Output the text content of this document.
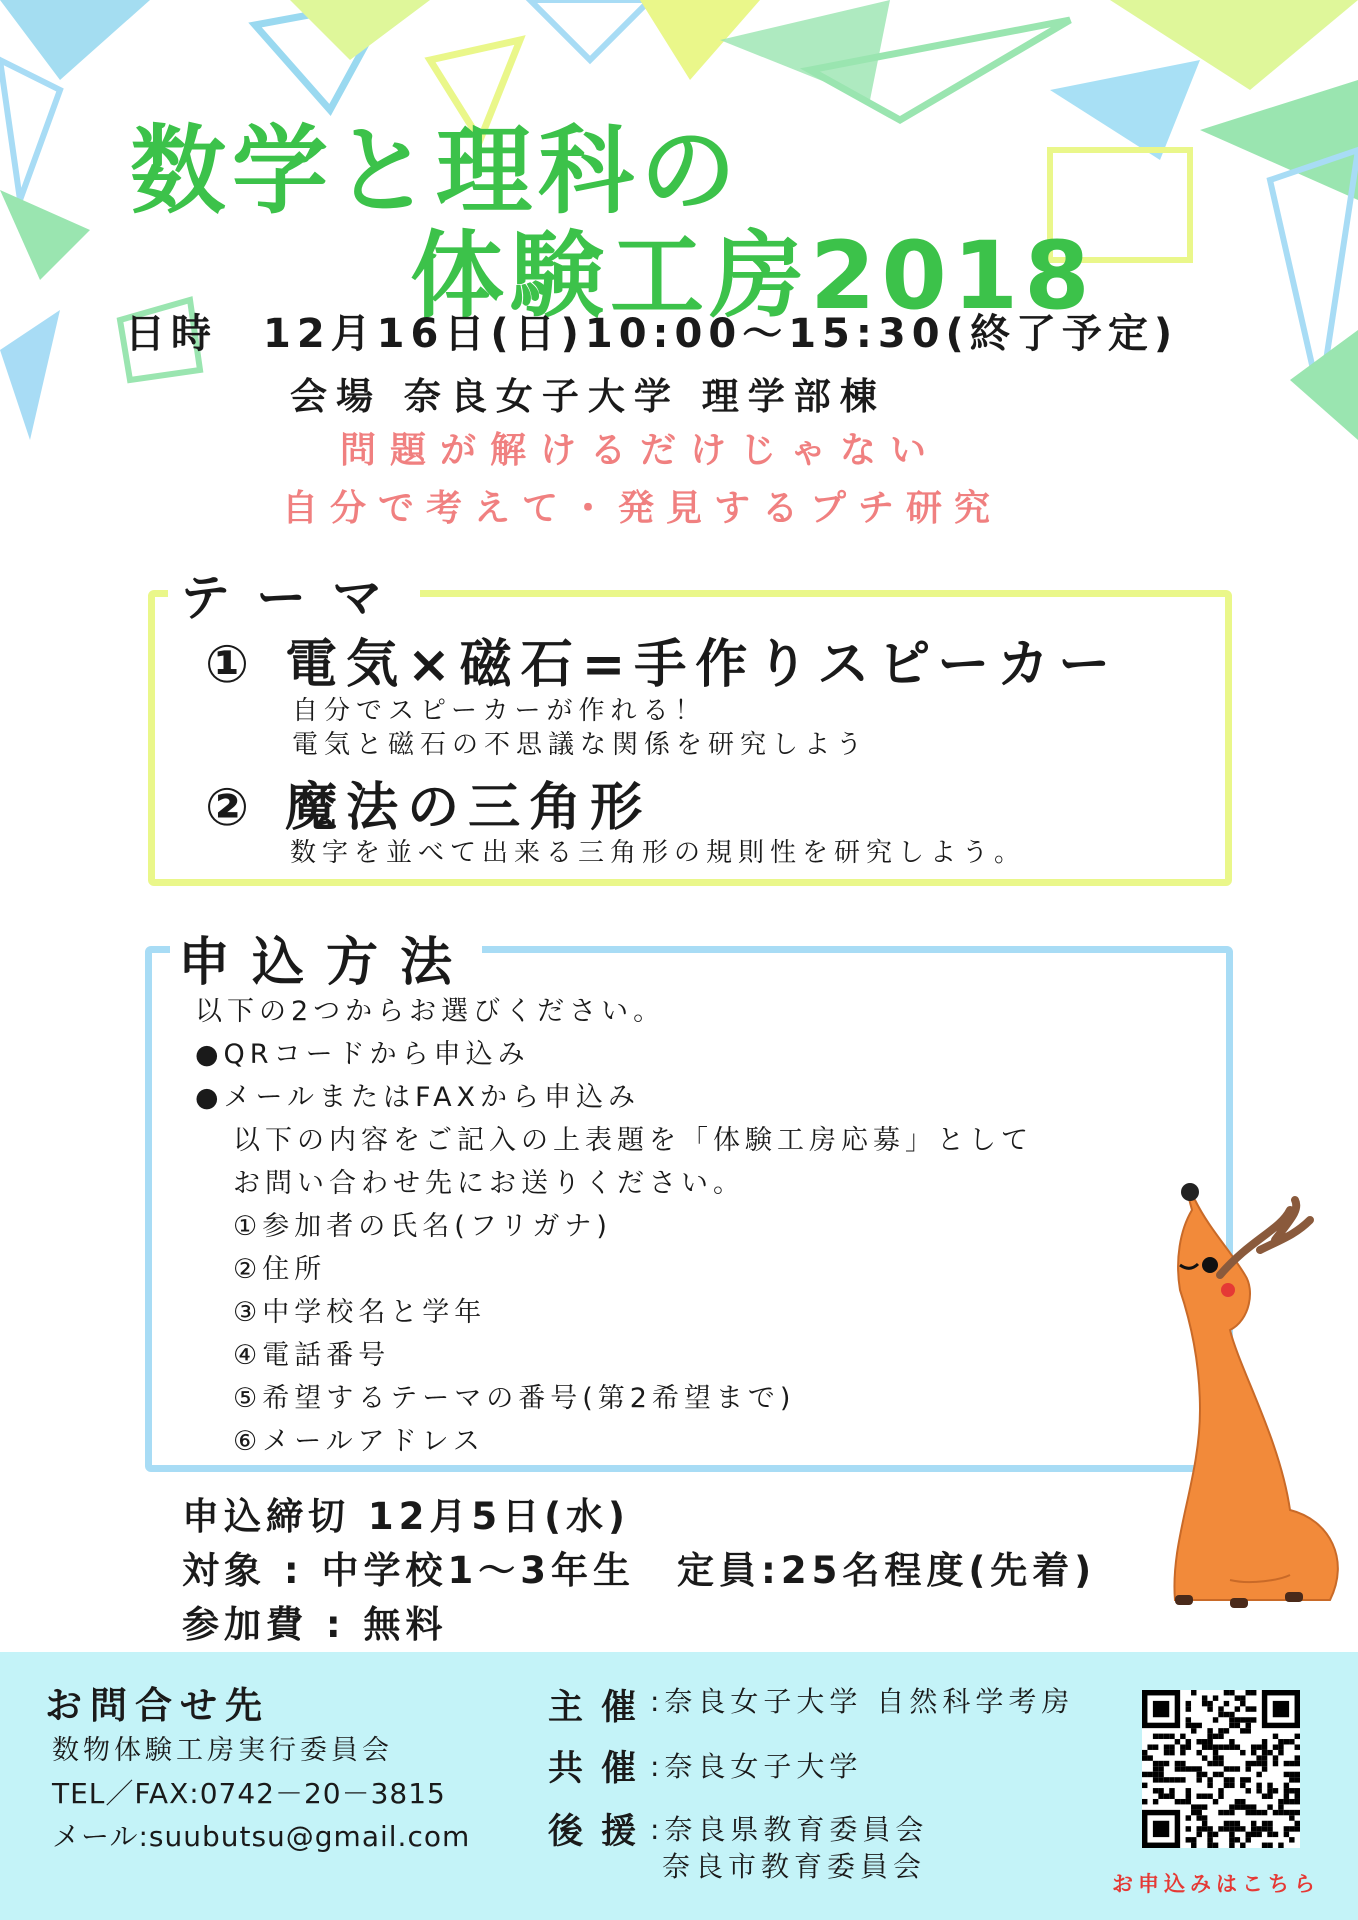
数学と理科の
体験工房2018
日時　12月16日(日)10:00～15:30(終了予定)
会場 奈良女子大学 理学部棟
問題が解けるだけじゃない
自分で考えて・発見するプチ研究
テーマ
① 電気×磁石=手作りスピーカー
自分でスピーカーが作れる！
電気と磁石の不思議な関係を研究しよう
② 魔法の三角形
数字を並べて出来る三角形の規則性を研究しよう。
申込方法
以下の2つからお選びください。
●QRコードから申込み
●メールまたはFAXから申込み
以下の内容をご記入の上表題を「体験工房応募」として
お問い合わせ先にお送りください。
①参加者の氏名(フリガナ)
②住所
③中学校名と学年
④電話番号
⑤希望するテーマの番号(第2希望まで)
⑥メールアドレス
申込締切 12月5日(水)
対象 : 中学校1～3年生　定員:25名程度(先着)
参加費 : 無料
お問合せ先
数物体験工房実行委員会
TEL／FAX:0742－20－3815
メール:suubutsu@gmail.com
主催
:奈良女子大学 自然科学考房
共催
:奈良女子大学
後援
:奈良県教育委員会
奈良市教育委員会
お申込みはこちら
